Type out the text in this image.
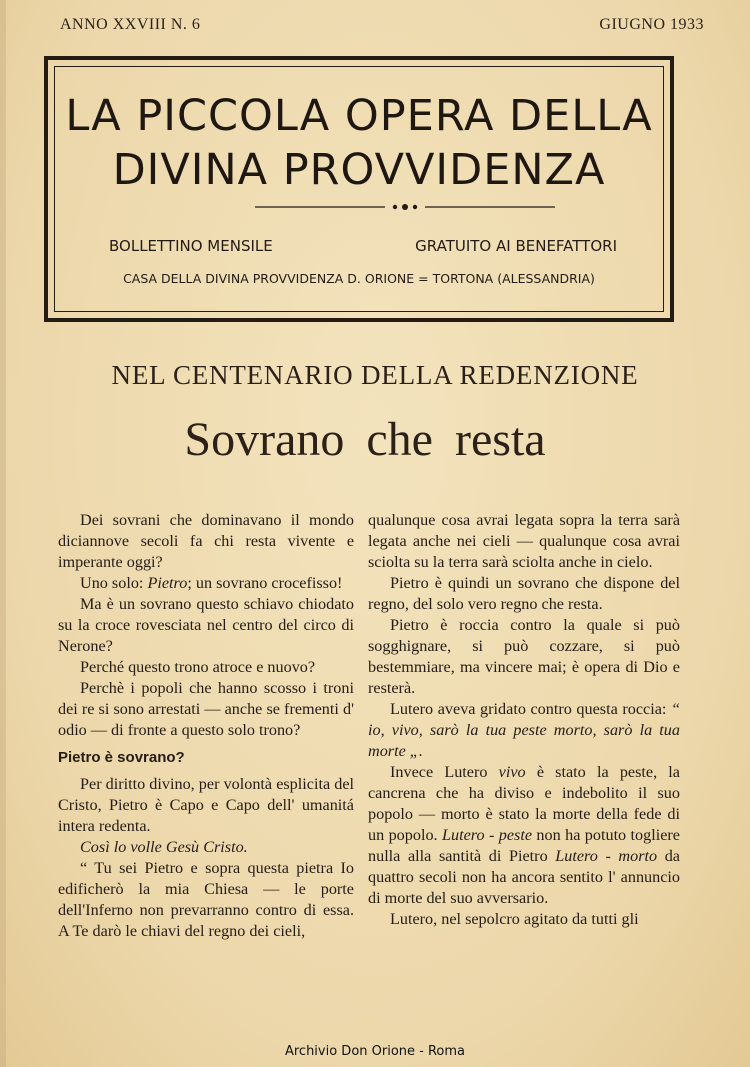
ANNO XXVIII N. 6	GIUGNO 1933
LA PICCOLA OPERA DELLA
DIVINA PROVVIDENZA
BOLLETTINO MENSILE	GRATUITO AI BENEFATTORI
CASA DELLA DIVINA PROVVIDENZA D. ORIONE = TORTONA (ALESSANDRIA)
NEL CENTENARIO DELLA REDENZIONE
Sovrano che resta

Dei sovrani che dominavano il mondo diciannove secoli fa chi resta vivente e imperante oggi?

Uno solo: Pietro; un sovrano crocefisso!

Ma è un sovrano questo schiavo chiodato su la croce rovesciata nel centro del circo di Nerone?

Perché questo trono atroce e nuovo?

Perchè i popoli che hanno scosso i troni dei re si sono arrestati — anche se frementi d' odio — di fronte a questo solo trono?

Pietro è sovrano?

Per diritto divino, per volontà esplicita del Cristo, Pietro è Capo e Capo dell' umanitá intera redenta.

Così lo volle Gesù Cristo.

“ Tu sei Pietro e sopra questa pietra Io edificherò la mia Chiesa — le porte dell'Inferno non prevarranno contro di essa. A Te darò le chiavi del regno dei cieli,

qualunque cosa avrai legata sopra la terra sarà legata anche nei cieli — qualunque cosa avrai sciolta su la terra sarà sciolta anche in cielo.

Pietro è quindi un sovrano che dispone del regno, del solo vero regno che resta.

Pietro è roccia contro la quale si può sogghignare, si può cozzare, si può bestemmiare, ma vincere mai; è opera di Dio e resterà.

Lutero aveva gridato contro questa roccia: “ io, vivo, sarò la tua peste morto, sarò la tua morte „.

Invece Lutero vivo è stato la peste, la cancrena che ha diviso e indebolito il suo popolo — morto è stato la morte della fede di un popolo. Lutero - peste non ha potuto togliere nulla alla santità di Pietro Lutero - morto da quattro secoli non ha ancora sentito l' annuncio di morte del suo avversario.

Lutero, nel sepolcro agitato da tutti gli

Archivio Don Orione - Roma
